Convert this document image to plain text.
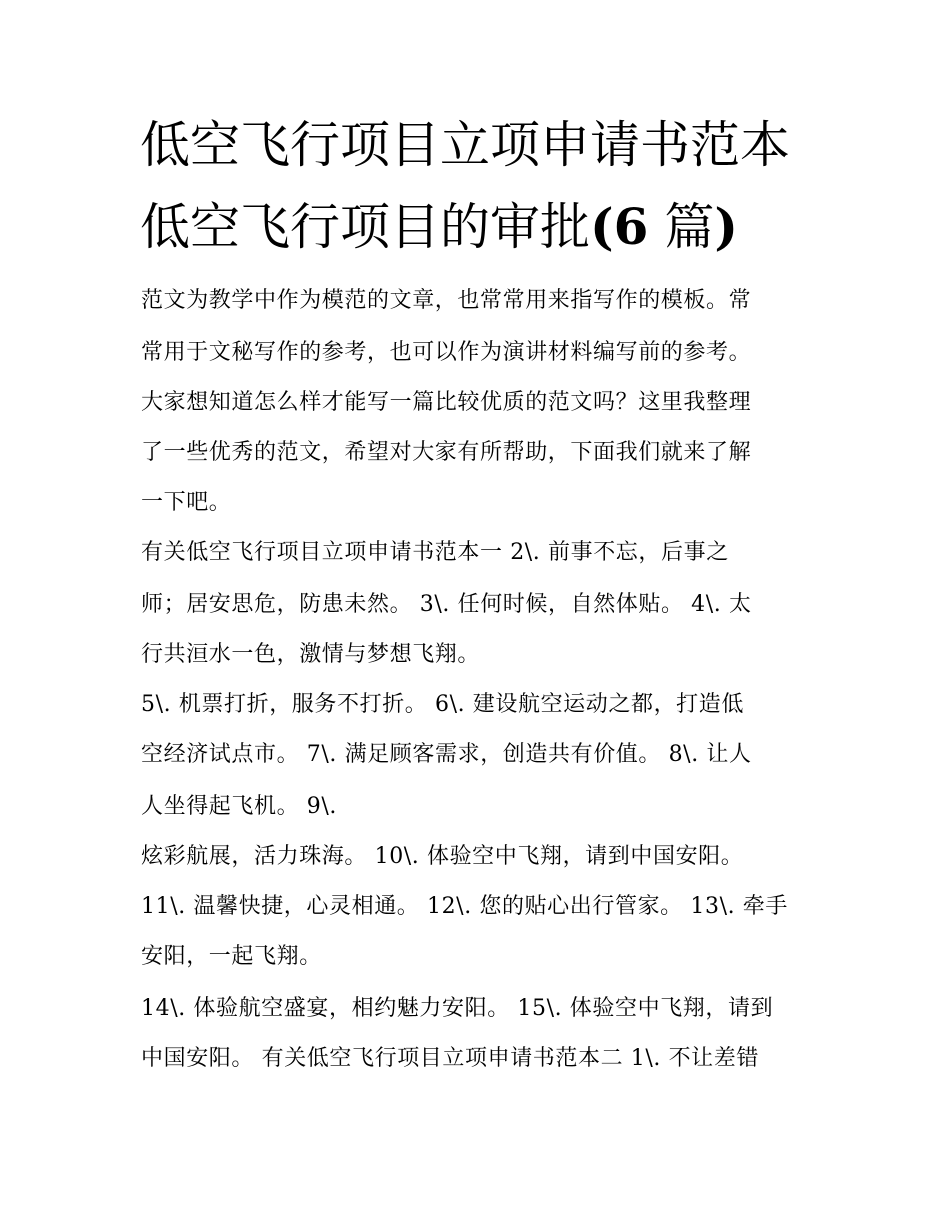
低空飞行项目立项申请书范本
低空飞行项目的审批(6 篇)
范文为教学中作为模范的文章，也常常用来指写作的模板。常
常用于文秘写作的参考，也可以作为演讲材料编写前的参考。
大家想知道怎么样才能写一篇比较优质的范文吗？这里我整理
了一些优秀的范文，希望对大家有所帮助，下面我们就来了解
一下吧。
有关低空飞行项目立项申请书范本一 2\. 前事不忘，后事之
师；居安思危，防患未然。 3\. 任何时候，自然体贴。 4\. 太
行共洹水一色，激情与梦想飞翔。
5\. 机票打折，服务不打折。 6\. 建设航空运动之都，打造低
空经济试点市。 7\. 满足顾客需求，创造共有价值。 8\. 让人
人坐得起飞机。 9\.
炫彩航展，活力珠海。 10\. 体验空中飞翔，请到中国安阳。
11\. 温馨快捷，心灵相通。 12\. 您的贴心出行管家。 13\. 牵手
安阳，一起飞翔。
14\. 体验航空盛宴，相约魅力安阳。 15\. 体验空中飞翔，请到
中国安阳。 有关低空飞行项目立项申请书范本二 1\. 不让差错
